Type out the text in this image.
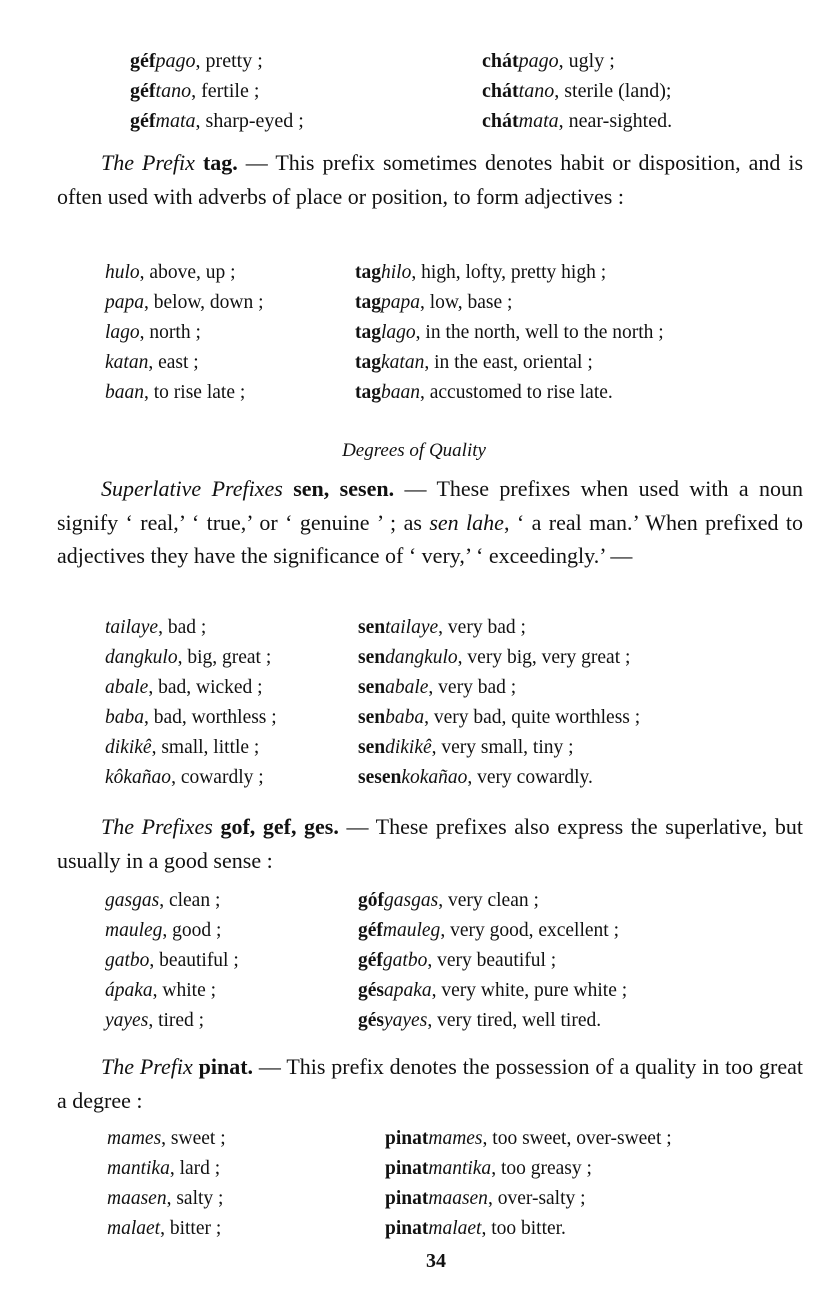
géfpago, pretty ;	chátpago, ugly ;
géftano, fertile ;	cháttano, sterile (land);
géfmata, sharp-eyed ;	chátmata, near-sighted.

The Prefix tag. — This prefix sometimes denotes habit or disposition, and is often used with adverbs of place or position, to form adjectives :

hulo, above, up ;	taghilo, high, lofty, pretty high ;
papa, below, down ;	tagpapa, low, base ;
lago, north ;	taglago, in the north, well to the north ;
katan, east ;	tagkatan, in the east, oriental ;
baan, to rise late ;	tagbaan, accustomed to rise late.
Degrees of Quality

Superlative Prefixes sen, sesen. — These prefixes when used with a noun signify ‘ real,’ ‘ true,’ or ‘ genuine ’ ; as sen lahe, ‘ a real man.’ When prefixed to adjectives they have the significance of ‘ very,’ ‘ exceedingly.’ —

tailaye, bad ;	sentailaye, very bad ;
dangkulo, big, great ;	sendangkulo, very big, very great ;
abale, bad, wicked ;	senabale, very bad ;
baba, bad, worthless ;	senbaba, very bad, quite worthless ;
dikikê, small, little ;	sendikikê, very small, tiny ;
kôkañao, cowardly ;	sesenkokañao, very cowardly.

The Prefixes gof, gef, ges. — These prefixes also express the superlative, but usually in a good sense :

gasgas, clean ;	gófgasgas, very clean ;
mauleg, good ;	géfmauleg, very good, excellent ;
gatbo, beautiful ;	géfgatbo, very beautiful ;
ápaka, white ;	gésapaka, very white, pure white ;
yayes, tired ;	gésyayes, very tired, well tired.

The Prefix pinat. — This prefix denotes the possession of a quality in too great a degree :

mames, sweet ;	pinatmames, too sweet, over-sweet ;
mantika, lard ;	pinatmantika, too greasy ;
maasen, salty ;	pinatmaasen, over-salty ;
malaet, bitter ;	pinatmalaet, too bitter.
34
